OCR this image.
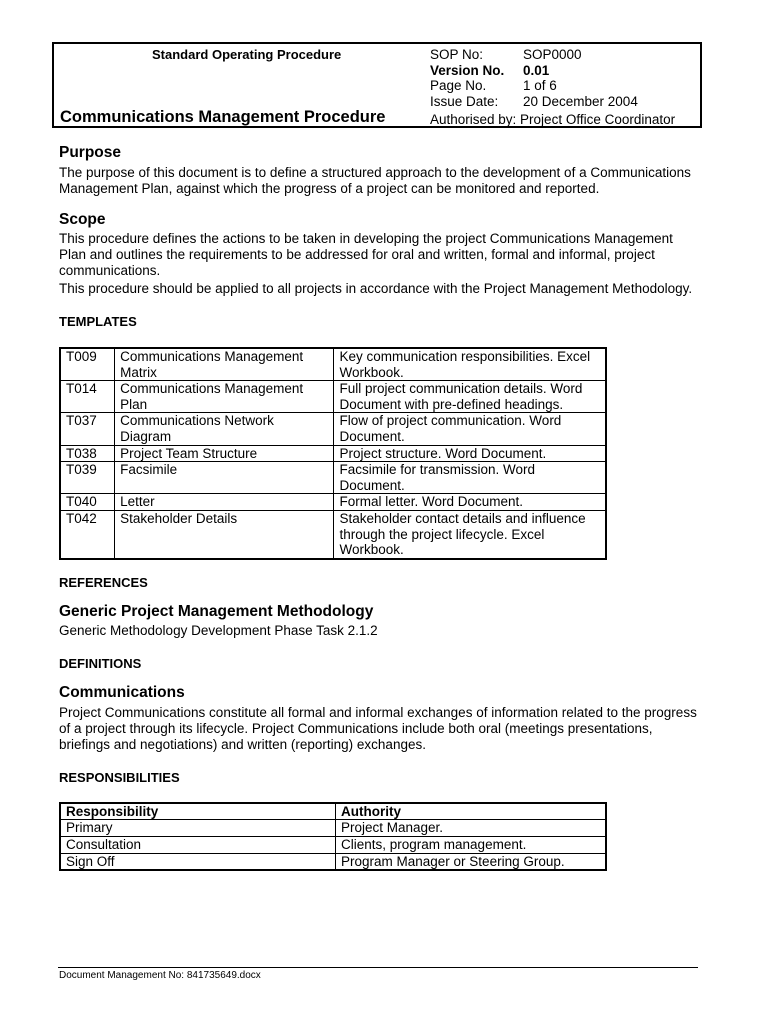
Standard Operating Procedure
Communications Management Procedure
SOP No:	SOP0000
Version No. 0.01
Page No.	1 of 6
Issue Date: 20 December 2004
Authorised by: Project Office Coordinator
Purpose

The purpose of this document is to define a structured approach to the development of a Communications Management Plan, against which the progress of a project can be monitored and reported.

Scope

This procedure defines the actions to be taken in developing the project Communications Management Plan and outlines the requirements to be addressed for oral and written, formal and informal, project communications.

This procedure should be applied to all projects in accordance with the Project Management Methodology.

TEMPLATES
T009	Communications Management Matrix	Key communication responsibilities. Excel Workbook.
T014	Communications Management Plan	Full project communication details. Word Document with pre-defined headings.
T037	Communications Network Diagram	Flow of project communication. Word Document.
T038	Project Team Structure	Project structure. Word Document.
T039	Facsimile	Facsimile for transmission. Word Document.
T040	Letter	Formal letter. Word Document.
T042	Stakeholder Details	Stakeholder contact details and influence through the project lifecycle. Excel Workbook.
REFERENCES
Generic Project Management Methodology

Generic Methodology Development Phase Task 2.1.2

DEFINITIONS
Communications

Project Communications constitute all formal and informal exchanges of information related to the progress of a project through its lifecycle. Project Communications include both oral (meetings presentations, briefings and negotiations) and written (reporting) exchanges.

RESPONSIBILITIES
Responsibility	Authority
Primary	Project Manager.
Consultation	Clients, program management.
Sign Off	Program Manager or Steering Group.
Document Management No: 841735649.docx
